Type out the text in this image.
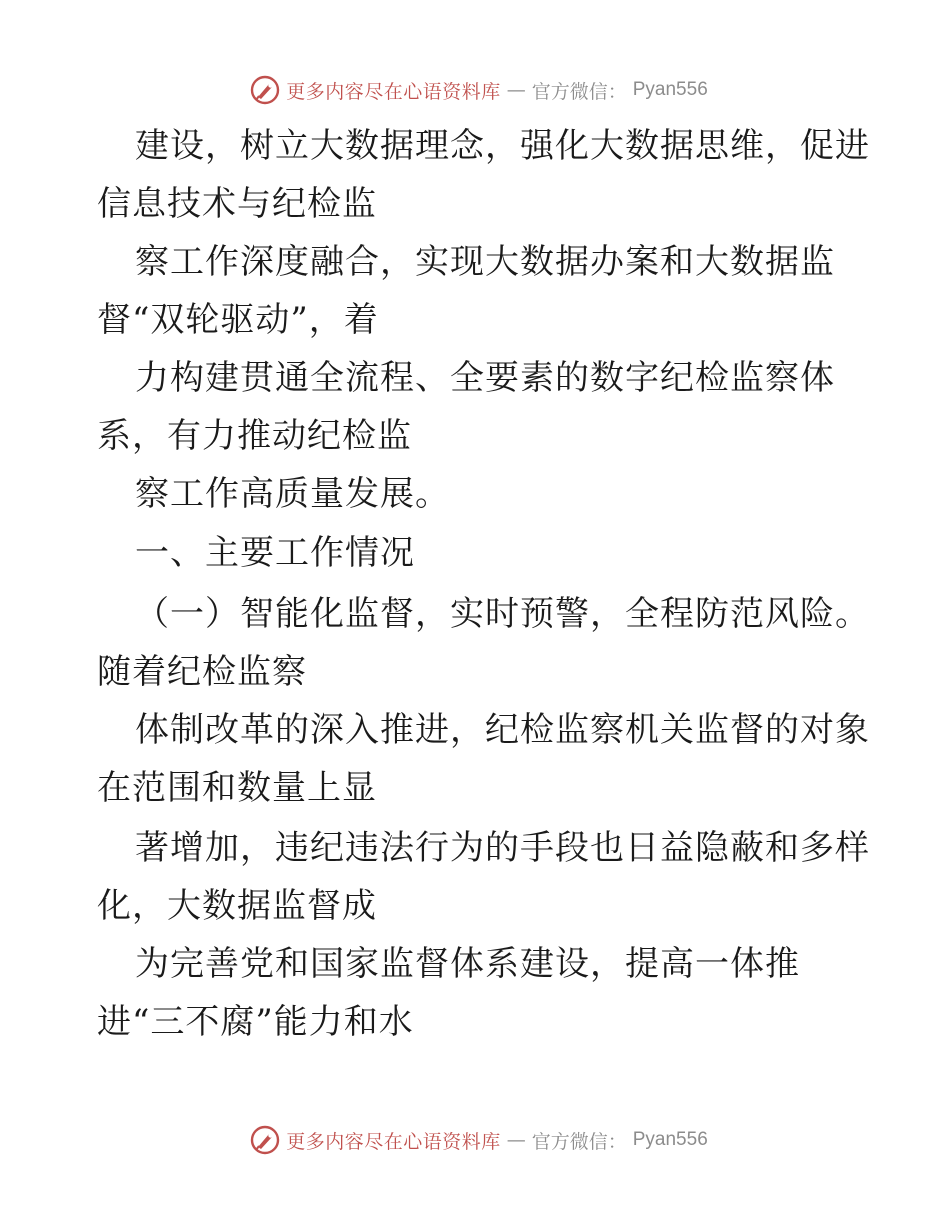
更多内容尽在心语资料库 — 官方微信： Pyan556
建设，树立大数据理念，强化大数据思维，促进
信息技术与纪检监
察工作深度融合，实现大数据办案和大数据监
督“双轮驱动”，着
力构建贯通全流程、全要素的数字纪检监察体
系，有力推动纪检监
察工作高质量发展。
一、主要工作情况
（一）智能化监督，实时预警，全程防范风险。
随着纪检监察
体制改革的深入推进，纪检监察机关监督的对象
在范围和数量上显
著增加，违纪违法行为的手段也日益隐蔽和多样
化，大数据监督成
为完善党和国家监督体系建设，提高一体推
进“三不腐”能力和水
更多内容尽在心语资料库 — 官方微信： Pyan556
